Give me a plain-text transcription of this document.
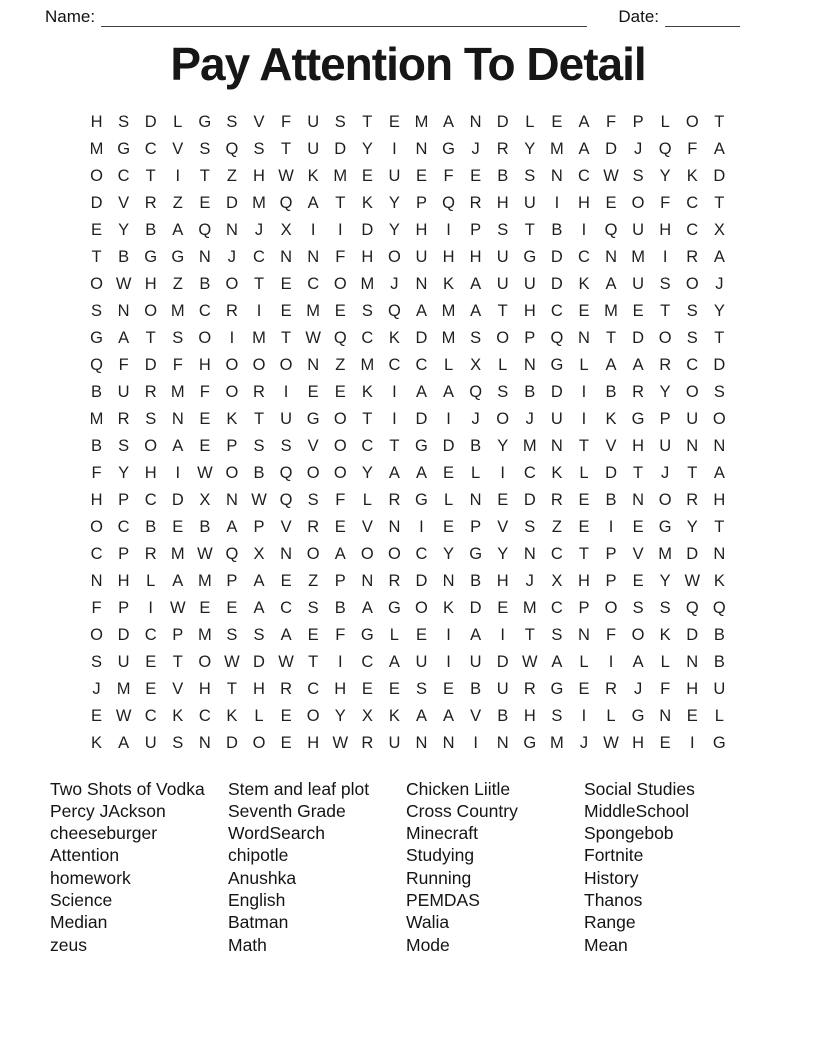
Name:	Date:
Pay Attention To Detail
H S D	L G S V	F U S	T	E M A N D	L	E A	F	P	L O T
M G C V S Q S	T U D Y	I	N G	J	R Y M A D	J	Q F	A
O C T	I	T	Z H W K M E U E	F	E B S N C W S Y K D
D V R Z	E D M Q A	T	K Y P Q R H U	I	H E O F C T
E Y B A Q N	J	X	I	I	D Y H	I	P S	T	B	I	Q U H C X
T	B G G N	J	C N N F H O U H H U G D C N M	I	R A
O W H Z	B O T	E C O M J	N K A U U D K A U S O	J
S N O M C R	I	E M E S Q A M A	T H C E M E	T	S Y
G A	T	S O	I	M T W Q C K D M S O P Q N T D O S	T
Q F D F H O O O N Z M C C	L	X	L	N G L	A A R C D
B U R M F O R	I	E E K	I	A A Q S B D	I	B R Y O S
M R S N E K	T U G O T	I	D	I	J	O	J	U	I	K G P U O
B S O A E P S S V O C T G D B Y M N T	V H U N N
F	Y H	I	W O B Q O O Y A A E	L	I	C K	L	D T	J	T	A
H P C D X N W Q S	F	L	R G L	N E D R E B N O R H
O C B E B A P V R E V N	I	E P V S	Z	E	I	E G Y	T
C P R M W Q X N O A O O C Y G Y N C T	P V M D N
N H	L	A M P A E	Z	P N R D N B H	J	X H P E Y W K
F	P	I	W E E A C S B A G O K D E M C P O S S Q Q
O D C P M S S A E	F G L	E	I	A	I	T	S N F O K D B
S U E	T O W D W T	I	C A U	I	U D W A	L	I	A	L	N B
J M E V H T H R C H E E S E B U R G E R	J	F H U
E W C K C K	L	E O Y X K A A V B H S	I	L G N E	L
K A U S N D O E H W R U N N	I	N G M J W H E	I	G
Two Shots of Vodka
Percy JAckson
cheeseburger
Attention
homework
Science
Median
zeus
Stem and leaf plot
Seventh Grade
WordSearch
chipotle
Anushka
English
Batman
Math
Chicken Liitle
Cross Country
Minecraft
Studying
Running
PEMDAS
Walia
Mode
Social Studies
MiddleSchool
Spongebob
Fortnite
History
Thanos
Range
Mean
